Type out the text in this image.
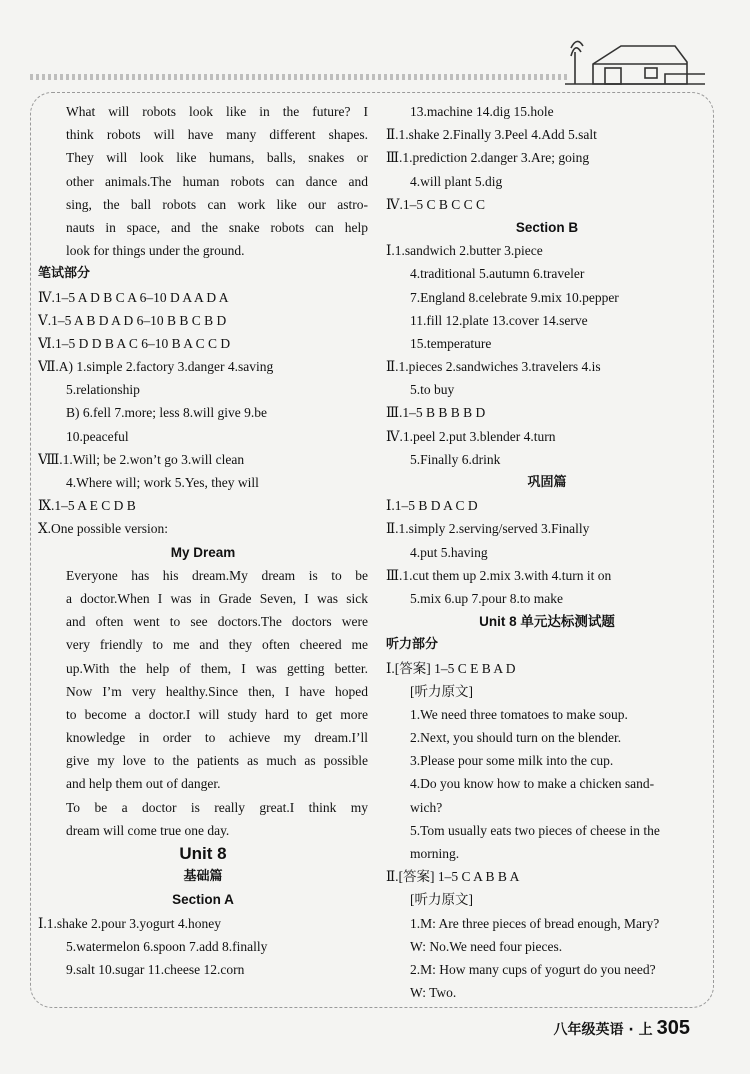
What will robots look like in the future? I
think robots will have many different shapes.
They will look like humans, balls, snakes or
other animals.The human robots can dance and
sing, the ball robots can work like our astro-
nauts in space, and the snake robots can help
look for things under the ground.
笔试部分
Ⅳ.1–5 A D B C A 6–10 D A A D A
Ⅴ.1–5 A B D A D 6–10 B B C B D
Ⅵ.1–5 D D B A C 6–10 B A C C D
Ⅶ.A) 1.simple 2.factory 3.danger 4.saving
5.relationship
B) 6.fell 7.more; less 8.will give 9.be
10.peaceful
Ⅷ.1.Will; be 2.won’t go 3.will clean
4.Where will; work 5.Yes, they will
Ⅸ.1–5 A E C D B
Ⅹ.One possible version:
My Dream
Everyone has his dream.My dream is to be
a doctor.When I was in Grade Seven, I was sick
and often went to see doctors.The doctors were
very friendly to me and they often cheered me
up.With the help of them, I was getting better.
Now I’m very healthy.Since then, I have hoped
to become a doctor.I will study hard to get more
knowledge in order to achieve my dream.I’ll
give my love to the patients as much as possible
and help them out of danger.
To be a doctor is really great.I think my
dream will come true one day.
Unit 8
基础篇
Section A
Ⅰ.1.shake 2.pour 3.yogurt 4.honey
5.watermelon 6.spoon 7.add 8.finally
9.salt 10.sugar 11.cheese 12.corn
13.machine 14.dig 15.hole
Ⅱ.1.shake 2.Finally 3.Peel 4.Add 5.salt
Ⅲ.1.prediction 2.danger 3.Are; going
4.will plant 5.dig
Ⅳ.1–5 C B C C C
Section B
Ⅰ.1.sandwich 2.butter 3.piece
4.traditional 5.autumn 6.traveler
7.England 8.celebrate 9.mix 10.pepper
11.fill 12.plate 13.cover 14.serve
15.temperature
Ⅱ.1.pieces 2.sandwiches 3.travelers 4.is
5.to buy
Ⅲ.1–5 B B B B D
Ⅳ.1.peel 2.put 3.blender 4.turn
5.Finally 6.drink
巩固篇
Ⅰ.1–5 B D A C D
Ⅱ.1.simply 2.serving/served 3.Finally
4.put 5.having
Ⅲ.1.cut them up 2.mix 3.with 4.turn it on
5.mix 6.up 7.pour 8.to make
Unit 8 单元达标测试题
听力部分
Ⅰ.[答案] 1–5 C E B A D
[听力原文]
1.We need three tomatoes to make soup.
2.Next, you should turn on the blender.
3.Please pour some milk into the cup.
4.Do you know how to make a chicken sand-
wich?
5.Tom usually eats two pieces of cheese in the
morning.
Ⅱ.[答案] 1–5 C A B B A
[听力原文]
1.M: Are three pieces of bread enough, Mary?
W: No.We need four pieces.
2.M: How many cups of yogurt do you need?
W: Two.
八年级英语 · 上 305
